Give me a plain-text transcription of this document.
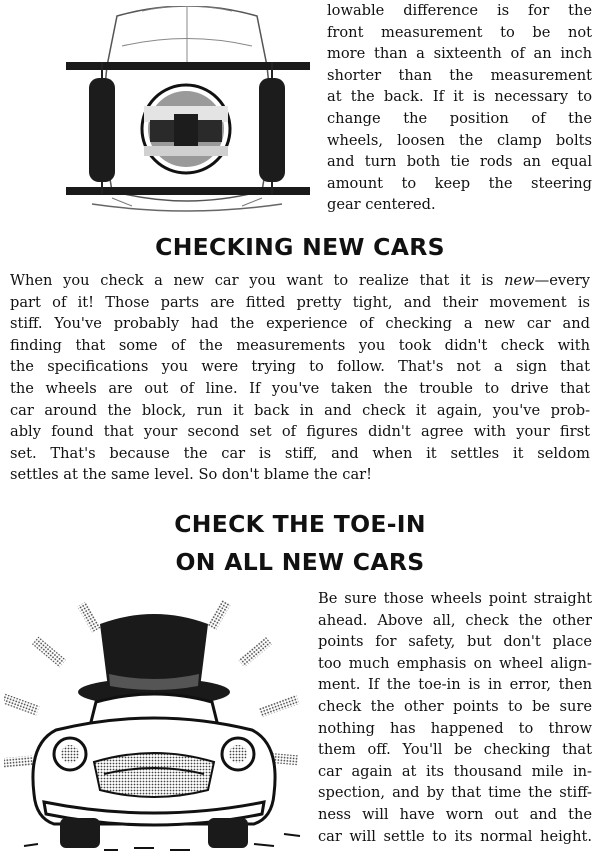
lowable difference is for the
front measurement to be not
more than a sixteenth of an inch
shorter than the measurement
at the back. If it is necessary to
change the position of the
wheels, loosen the clamp bolts
and turn both tie rods an equal
amount to keep the steering
gear centered.
CHECKING NEW CARS
When you check a new car you want to realize that it is new—every
part of it! Those parts are fitted pretty tight, and their movement is
stiff. You've probably had the experience of checking a new car and
finding that some of the measurements you took didn't check with
the specifications you were trying to follow. That's not a sign that
the wheels are out of line. If you've taken the trouble to drive that
car around the block, run it back in and check it again, you've prob-
ably found that your second set of figures didn't agree with your first
set. That's because the car is stiff, and when it settles it seldom
settles at the same level. So don't blame the car!
CHECK THE TOE-IN
ON ALL NEW CARS
Be sure those wheels point straight
ahead. Above all, check the other
points for safety, but don't place
too much emphasis on wheel align-
ment. If the toe-in is in error, then
check the other points to be sure
nothing has happened to throw
them off. You'll be checking that
car again at its thousand mile in-
spection, and by that time the stiff-
ness will have worn out and the
car will settle to its normal height.
